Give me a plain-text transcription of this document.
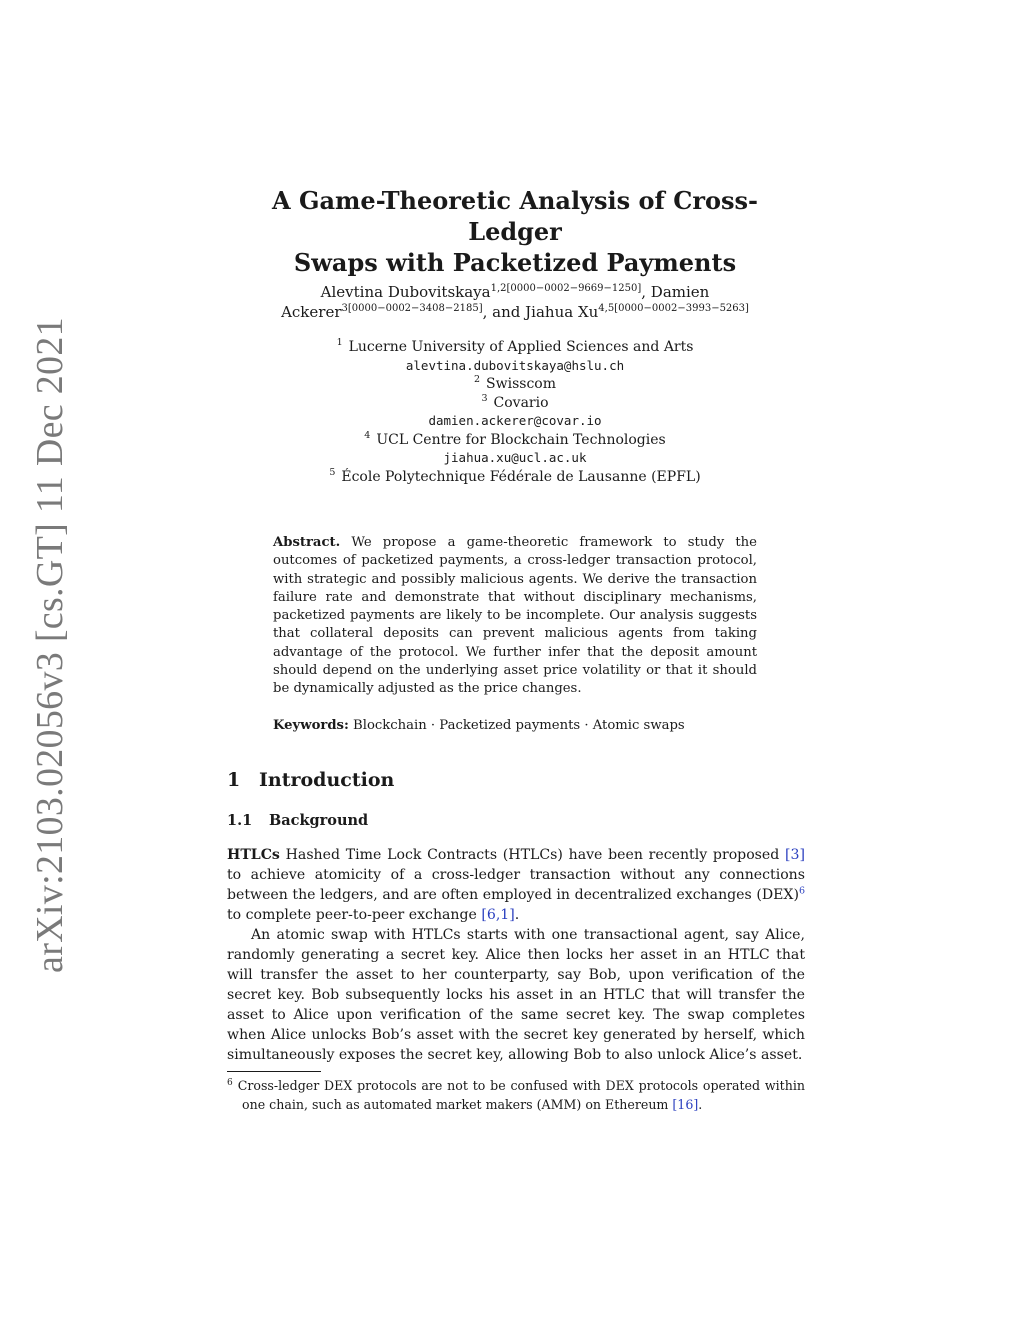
arXiv:2103.02056v3 [cs.GT] 11 Dec 2021
A Game-Theoretic Analysis of Cross-Ledger
Swaps with Packetized Payments
Alevtina Dubovitskaya$^{1,2[0000-0002-9669-1250]}$, Damien
Ackerer$^{3[0000-0002-3408-2185]}$, and Jiahua $Xu^{4,5[0000-0002-3993-5263]}$
$^1$ Lucerne University of Applied Sciences and Arts
alevtina.dubovitskaya@hslu.ch
$^2$ Swisscom
$^3$ Covario
damien.ackerer@covar.io
$^4$ UCL Centre for Blockchain Technologies
jiahua.xu@ucl.ac.uk
$^5$ École Polytechnique Fédérale de Lausanne (EPFL)
Abstract. We propose a game-theoretic framework to study the outcomes of packetized payments, a cross-ledger transaction protocol, with strategic and possibly malicious agents. We derive the transaction failure rate and demonstrate that without disciplinary mechanisms, packetized payments are likely to be incomplete. Our analysis suggests that collateral deposits can prevent malicious agents from taking advantage of the protocol. We further infer that the deposit amount should depend on the underlying asset price volatility or that it should be dynamically adjusted as the price changes.
Keywords: Blockchain · Packetized payments · Atomic swaps
1 Introduction
1.1 Background

HTLCs Hashed Time Lock Contracts (HTLCs) have been recently proposed [3] to achieve atomicity of a cross-ledger transaction without any connections between the ledgers, and are often employed in decentralized exchanges (DEX)$^6$ to complete peer-to-peer exchange [6,1].

An atomic swap with HTLCs starts with one transactional agent, say Alice, randomly generating a secret key. Alice then locks her asset in an HTLC that will transfer the asset to her counterparty, say Bob, upon verification of the secret key. Bob subsequently locks his asset in an HTLC that will transfer the asset to Alice upon verification of the same secret key. The swap completes when Alice unlocks Bob’s asset with the secret key generated by herself, which simultaneously exposes the secret key, allowing Bob to also unlock Alice’s asset.

$^6$ Cross-ledger DEX protocols are not to be confused with DEX protocols operated within one chain, such as automated market makers (AMM) on Ethereum [16].
